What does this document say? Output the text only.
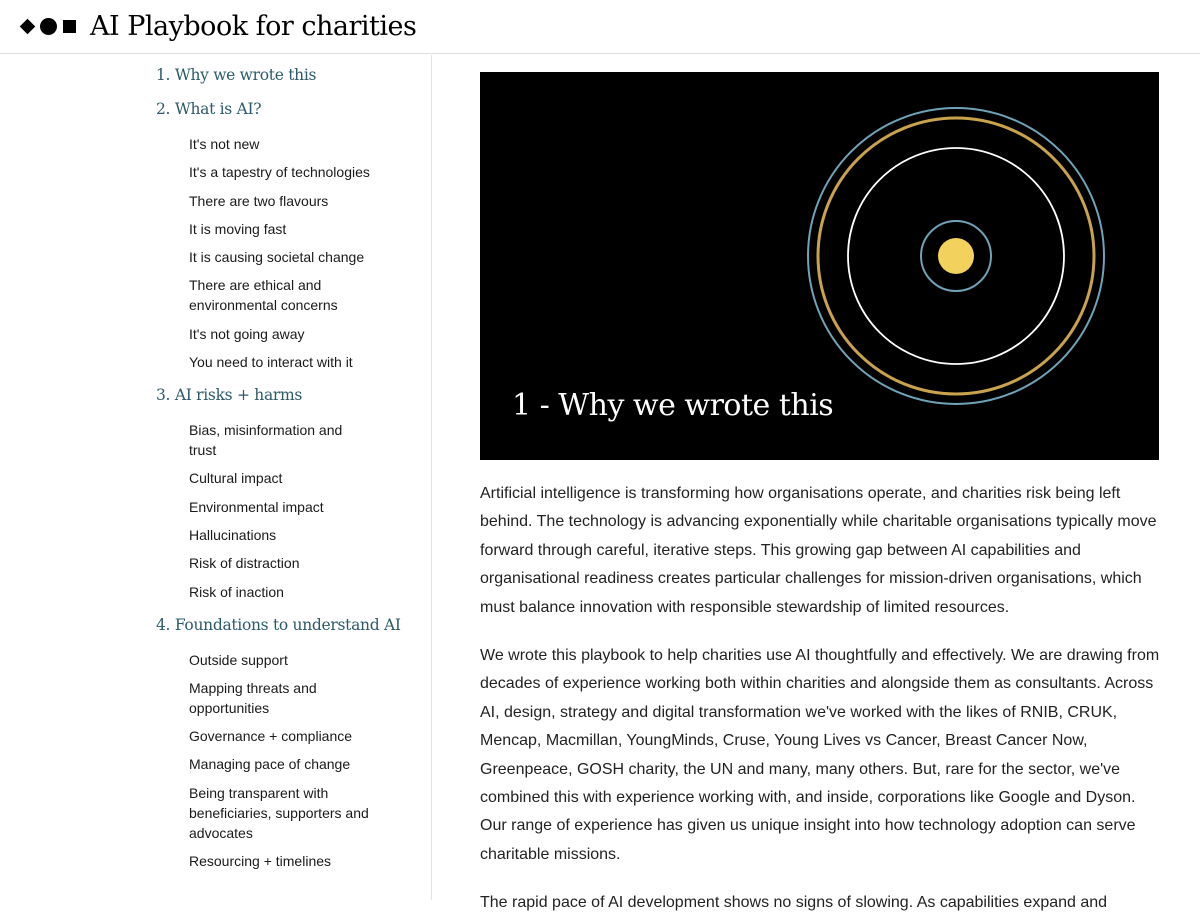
AI Playbook for charities
1. Why we wrote this
2. What is AI?
It's not new
It's a tapestry of technologies
There are two flavours
It is moving fast
It is causing societal change
There are ethical and environmental concerns
It's not going away
You need to interact with it
3. AI risks + harms
Bias, misinformation and trust
Cultural impact
Environmental impact
Hallucinations
Risk of distraction
Risk of inaction
4. Foundations to understand AI
Outside support
Mapping threats and opportunities
Governance + compliance
Managing pace of change
Being transparent with beneficiaries, supporters and advocates
Resourcing + timelines
1 - Why we wrote this

Artificial intelligence is transforming how organisations operate, and charities risk being left behind. The technology is advancing exponentially while charitable organisations typically move forward through careful, iterative steps. This growing gap between AI capabilities and organisational readiness creates particular challenges for mission-driven organisations, which must balance innovation with responsible stewardship of limited resources.

We wrote this playbook to help charities use AI thoughtfully and effectively. We are drawing from decades of experience working both within charities and alongside them as consultants. Across AI, design, strategy and digital transformation we've worked with the likes of RNIB, CRUK, Mencap, Macmillan, YoungMinds, Cruse, Young Lives vs Cancer, Breast Cancer Now, Greenpeace, GOSH charity, the UN and many, many others. But, rare for the sector, we've combined this with experience working with, and inside, corporations like Google and Dyson. Our range of experience has given us unique insight into how technology adoption can serve charitable missions.

The rapid pace of AI development shows no signs of slowing. As capabilities expand and
